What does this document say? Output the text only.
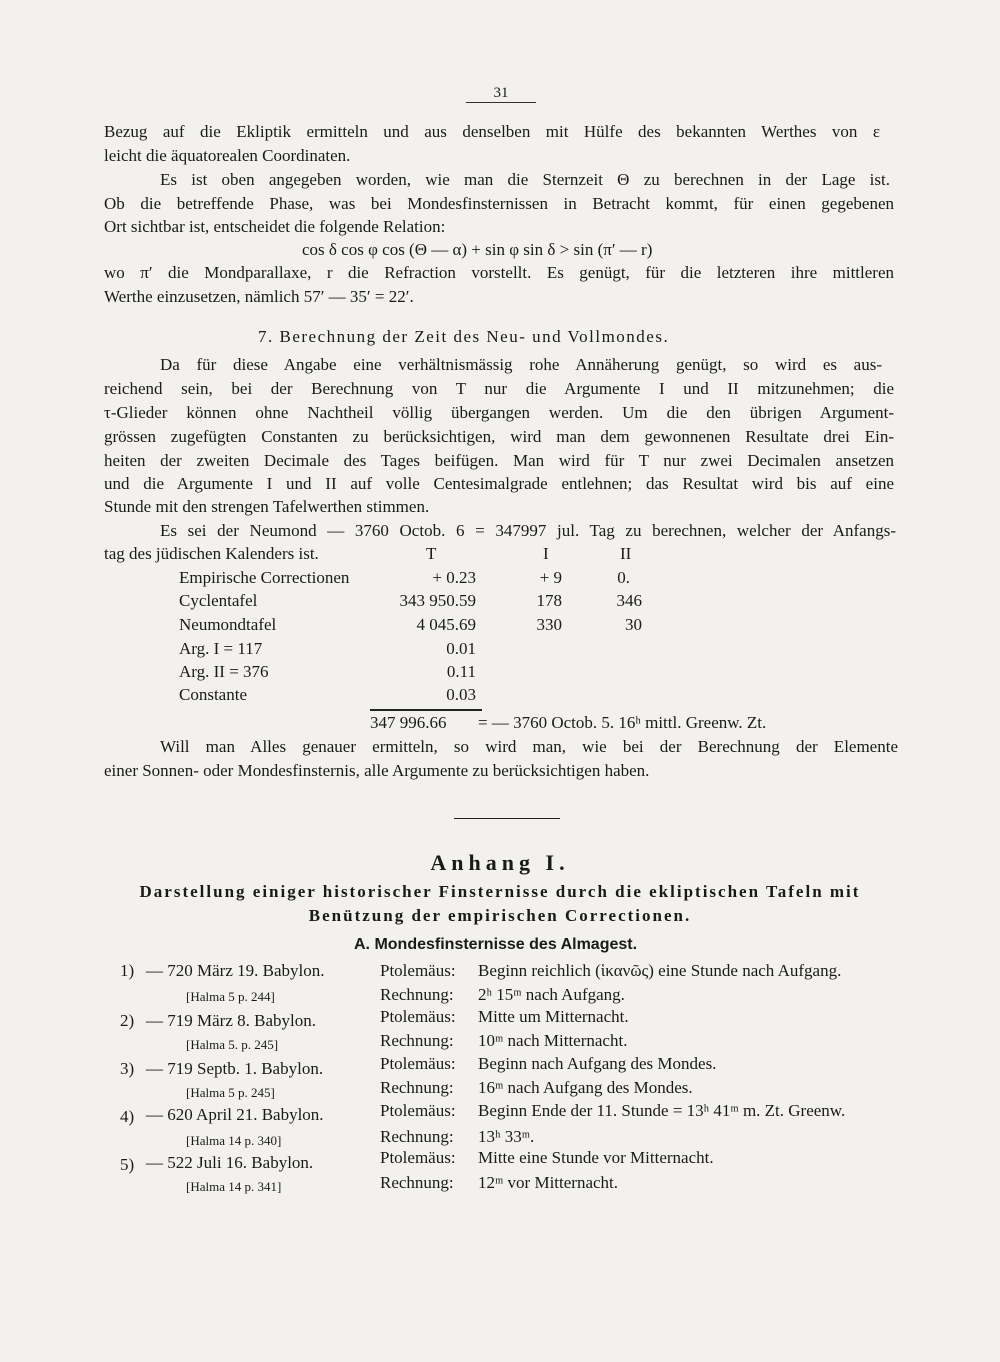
31
Bezug auf die Ekliptik ermitteln und aus denselben mit Hülfe des bekannten Werthes von ε
leicht die äquatorealen Coordinaten.
Es ist oben angegeben worden, wie man die Sternzeit Θ zu berechnen in der Lage ist.
Ob die betreffende Phase, was bei Mondesfinsternissen in Betracht kommt, für einen gegebenen
Ort sichtbar ist, entscheidet die folgende Relation:
cos δ cos φ cos (Θ — α) + sin φ sin δ > sin (π′ — r)
wo π′ die Mondparallaxe, r die Refraction vorstellt. Es genügt, für die letzteren ihre mittleren
Werthe einzusetzen, nämlich 57′ — 35′ = 22′.
7. Berechnung der Zeit des Neu- und Vollmondes.
Da für diese Angabe eine verhältnismässig rohe Annäherung genügt, so wird es aus-
reichend sein, bei der Berechnung von T nur die Argumente I und II mitzunehmen; die
τ-Glieder können ohne Nachtheil völlig übergangen werden. Um die den übrigen Argument-
grössen zugefügten Constanten zu berücksichtigen, wird man dem gewonnenen Resultate drei Ein-
heiten der zweiten Decimale des Tages beifügen. Man wird für T nur zwei Decimalen ansetzen
und die Argumente I und II auf volle Centesimalgrade entlehnen; das Resultat wird bis auf eine
Stunde mit den strengen Tafelwerthen stimmen.
Es sei der Neumond — 3760 Octob. 6 = 347997 jul. Tag zu berechnen, welcher der Anfangs-
tag des jüdischen Kalenders ist.	T	I	II
Empirische Correctionen	+ 0.23	+ 9	0.
Cyclentafel	343 950.59	178	346
Neumondtafel	4 045.69	330	30
Arg. I = 117	0.01
Arg. II = 376	0.11
Constante	0.03
347 996.66 = — 3760 Octob. 5. 16ʰ mittl. Greenw. Zt.
Will man Alles genauer ermitteln, so wird man, wie bei der Berechnung der Elemente
einer Sonnen- oder Mondesfinsternis, alle Argumente zu berücksichtigen haben.
Anhang I.
Darstellung einiger historischer Finsternisse durch die ekliptischen Tafeln mit
Benützung der empirischen Correctionen.
A. Mondesfinsternisse des Almagest.
1) — 720 März 19. Babylon.
[Halma 5 p. 244]
Ptolemäus: Beginn reichlich (ἱκανῶς) eine Stunde nach Aufgang.
Rechnung: 2ʰ 15ᵐ nach Aufgang.
2) — 719 März 8. Babylon.
[Halma 5. p. 245]
Ptolemäus: Mitte um Mitternacht.
Rechnung: 10ᵐ nach Mitternacht.
3) — 719 Septb. 1. Babylon.
[Halma 5 p. 245]
Ptolemäus: Beginn nach Aufgang des Mondes.
Rechnung: 16ᵐ nach Aufgang des Mondes.
4) — 620 April 21. Babylon.
[Halma 14 p. 340]
Ptolemäus: Beginn Ende der 11. Stunde = 13ʰ 41ᵐ m. Zt. Greenw.
Rechnung: 13ʰ 33ᵐ.
5) — 522 Juli 16. Babylon.
[Halma 14 p. 341]
Ptolemäus: Mitte eine Stunde vor Mitternacht.
Rechnung: 12ᵐ vor Mitternacht.
